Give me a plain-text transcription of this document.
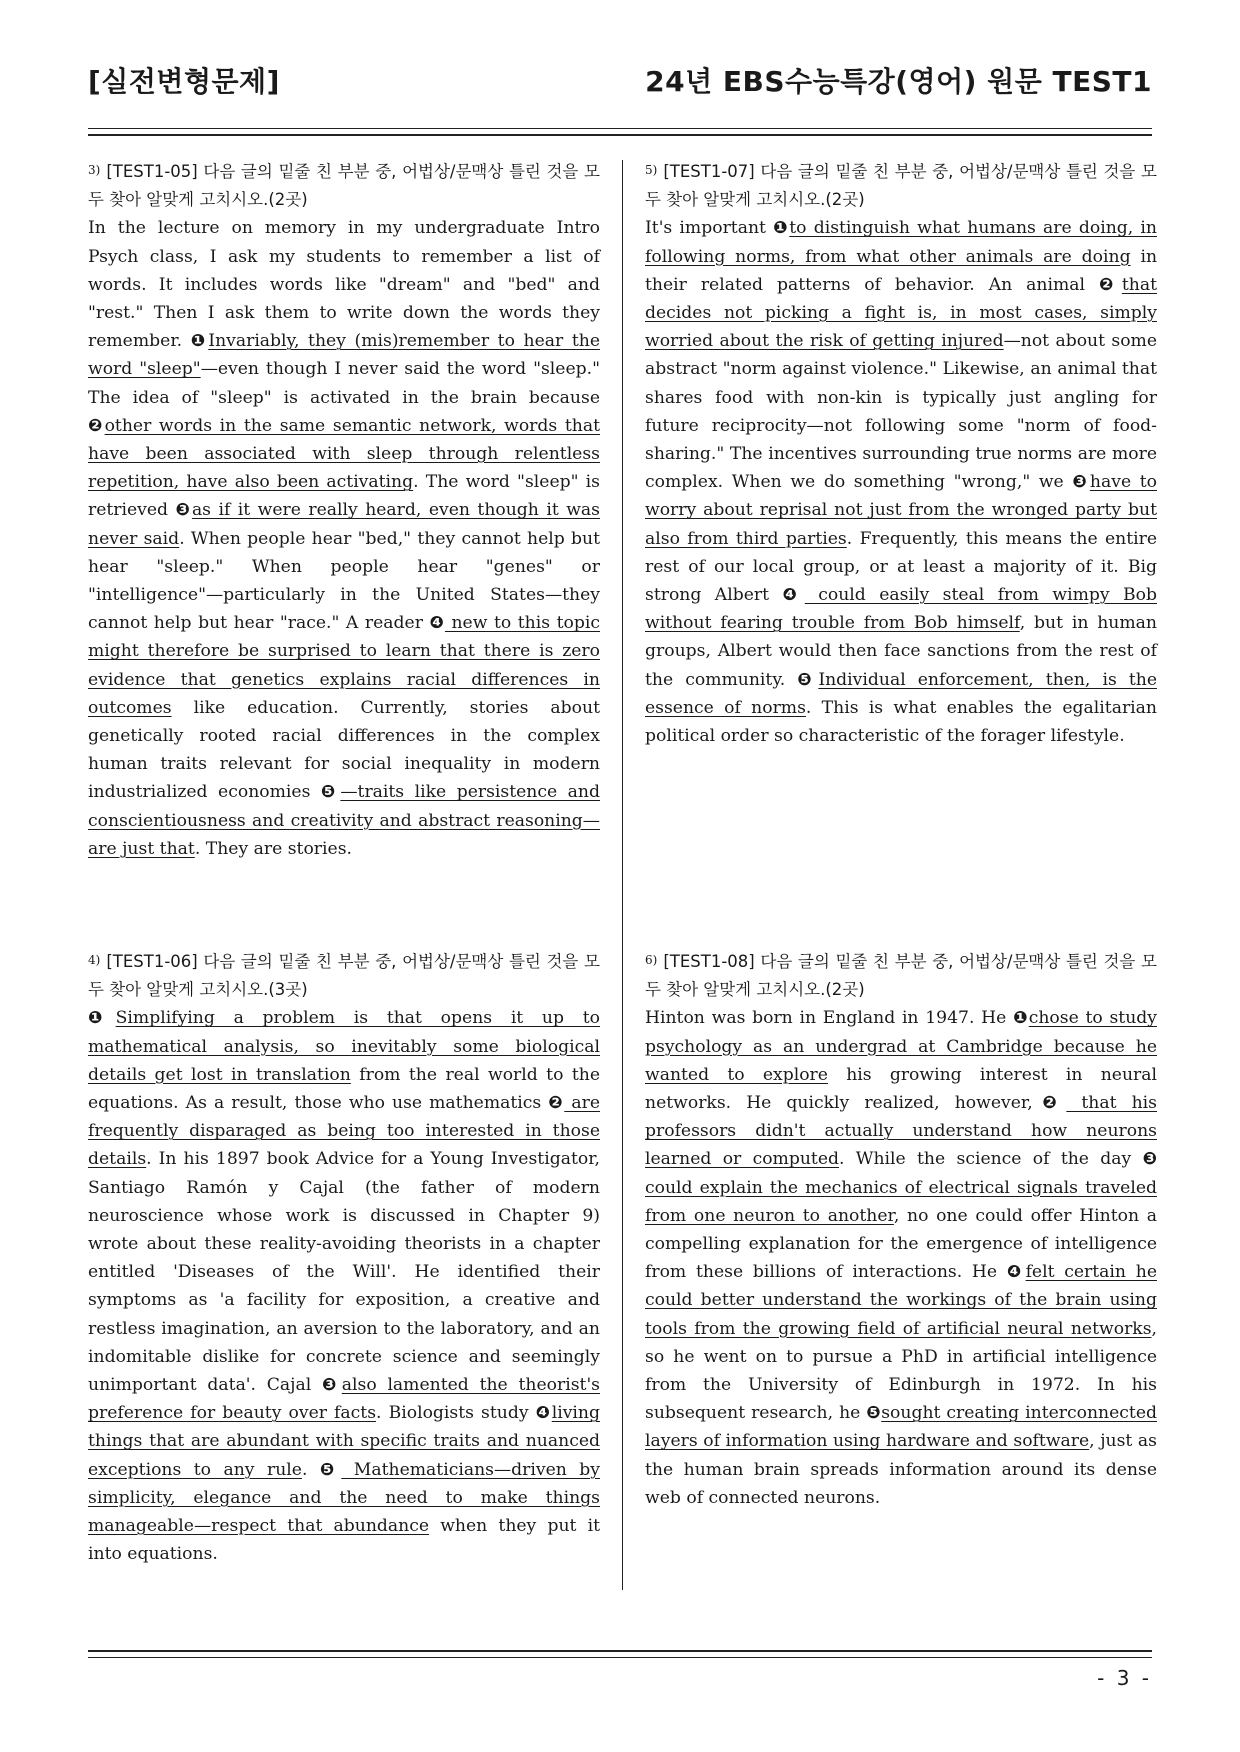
[실전변형문제]	24년 EBS수능특강(영어) 원문 TEST1
3) [TEST1-05] 다음 글의 밑줄 친 부분 중, 어법상/문맥상 틀린 것을 모두 찾아 알맞게 고치시오.(2곳)
In the lecture on memory in my undergraduate Intro Psych class, I ask my students to remember a list of words. It includes words like "dream" and "bed" and "rest." Then I ask them to write down the words they remember. ❶Invariably, they (mis)remember to hear the word "sleep"—even though I never said the word "sleep." The idea of "sleep" is activated in the brain because ❷other words in the same semantic network, words that have been associated with sleep through relentless repetition, have also been activating. The word "sleep" is retrieved ❸as if it were really heard, even though it was never said. When people hear "bed," they cannot help but hear "sleep." When people hear "genes" or "intelligence"—particularly in the United States—they cannot help but hear "race." A reader ❹ new to this topic might therefore be surprised to learn that there is zero evidence that genetics explains racial differences in outcomes like education. Currently, stories about genetically rooted racial differences in the complex human traits relevant for social inequality in modern industrialized economies ❺—traits like persistence and conscientiousness and creativity and abstract reasoning—are just that. They are stories.
4) [TEST1-06] 다음 글의 밑줄 친 부분 중, 어법상/문맥상 틀린 것을 모두 찾아 알맞게 고치시오.(3곳)
❶Simplifying a problem is that opens it up to mathematical analysis, so inevitably some biological details get lost in translation from the real world to the equations. As a result, those who use mathematics ❷ are frequently disparaged as being too interested in those details. In his 1897 book Advice for a Young Investigator, Santiago Ramón y Cajal (the father of modern neuroscience whose work is discussed in Chapter 9) wrote about these reality-avoiding theorists in a chapter entitled 'Diseases of the Will'. He identified their symptoms as 'a facility for exposition, a creative and restless imagination, an aversion to the laboratory, and an indomitable dislike for concrete science and seemingly unimportant data'. Cajal ❸also lamented the theorist's preference for beauty over facts. Biologists study ❹living things that are abundant with specific traits and nuanced exceptions to any rule. ❺ Mathematicians—driven by simplicity, elegance and the need to make things manageable—respect that abundance when they put it into equations.
5) [TEST1-07] 다음 글의 밑줄 친 부분 중, 어법상/문맥상 틀린 것을 모두 찾아 알맞게 고치시오.(2곳)
It's important ❶to distinguish what humans are doing, in following norms, from what other animals are doing in their related patterns of behavior. An animal ❷that decides not picking a fight is, in most cases, simply worried about the risk of getting injured—not about some abstract "norm against violence." Likewise, an animal that shares food with non-kin is typically just angling for future reciprocity—not following some "norm of food-sharing." The incentives surrounding true norms are more complex. When we do something "wrong," we ❸have to worry about reprisal not just from the wronged party but also from third parties. Frequently, this means the entire rest of our local group, or at least a majority of it. Big strong Albert ❹ could easily steal from wimpy Bob without fearing trouble from Bob himself, but in human groups, Albert would then face sanctions from the rest of the community. ❺Individual enforcement, then, is the essence of norms. This is what enables the egalitarian political order so characteristic of the forager lifestyle.
6) [TEST1-08] 다음 글의 밑줄 친 부분 중, 어법상/문맥상 틀린 것을 모두 찾아 알맞게 고치시오.(2곳)
Hinton was born in England in 1947. He ❶chose to study psychology as an undergrad at Cambridge because he wanted to explore his growing interest in neural networks. He quickly realized, however,❷ that his professors didn't actually understand how neurons learned or computed. While the science of the day ❸ could explain the mechanics of electrical signals traveled from one neuron to another, no one could offer Hinton a compelling explanation for the emergence of intelligence from these billions of interactions. He ❹felt certain he could better understand the workings of the brain using tools from the growing field of artificial neural networks, so he went on to pursue a PhD in artificial intelligence from the University of Edinburgh in 1972. In his subsequent research, he ❺sought creating interconnected layers of information using hardware and software, just as the human brain spreads information around its dense web of connected neurons.
- 3 -
